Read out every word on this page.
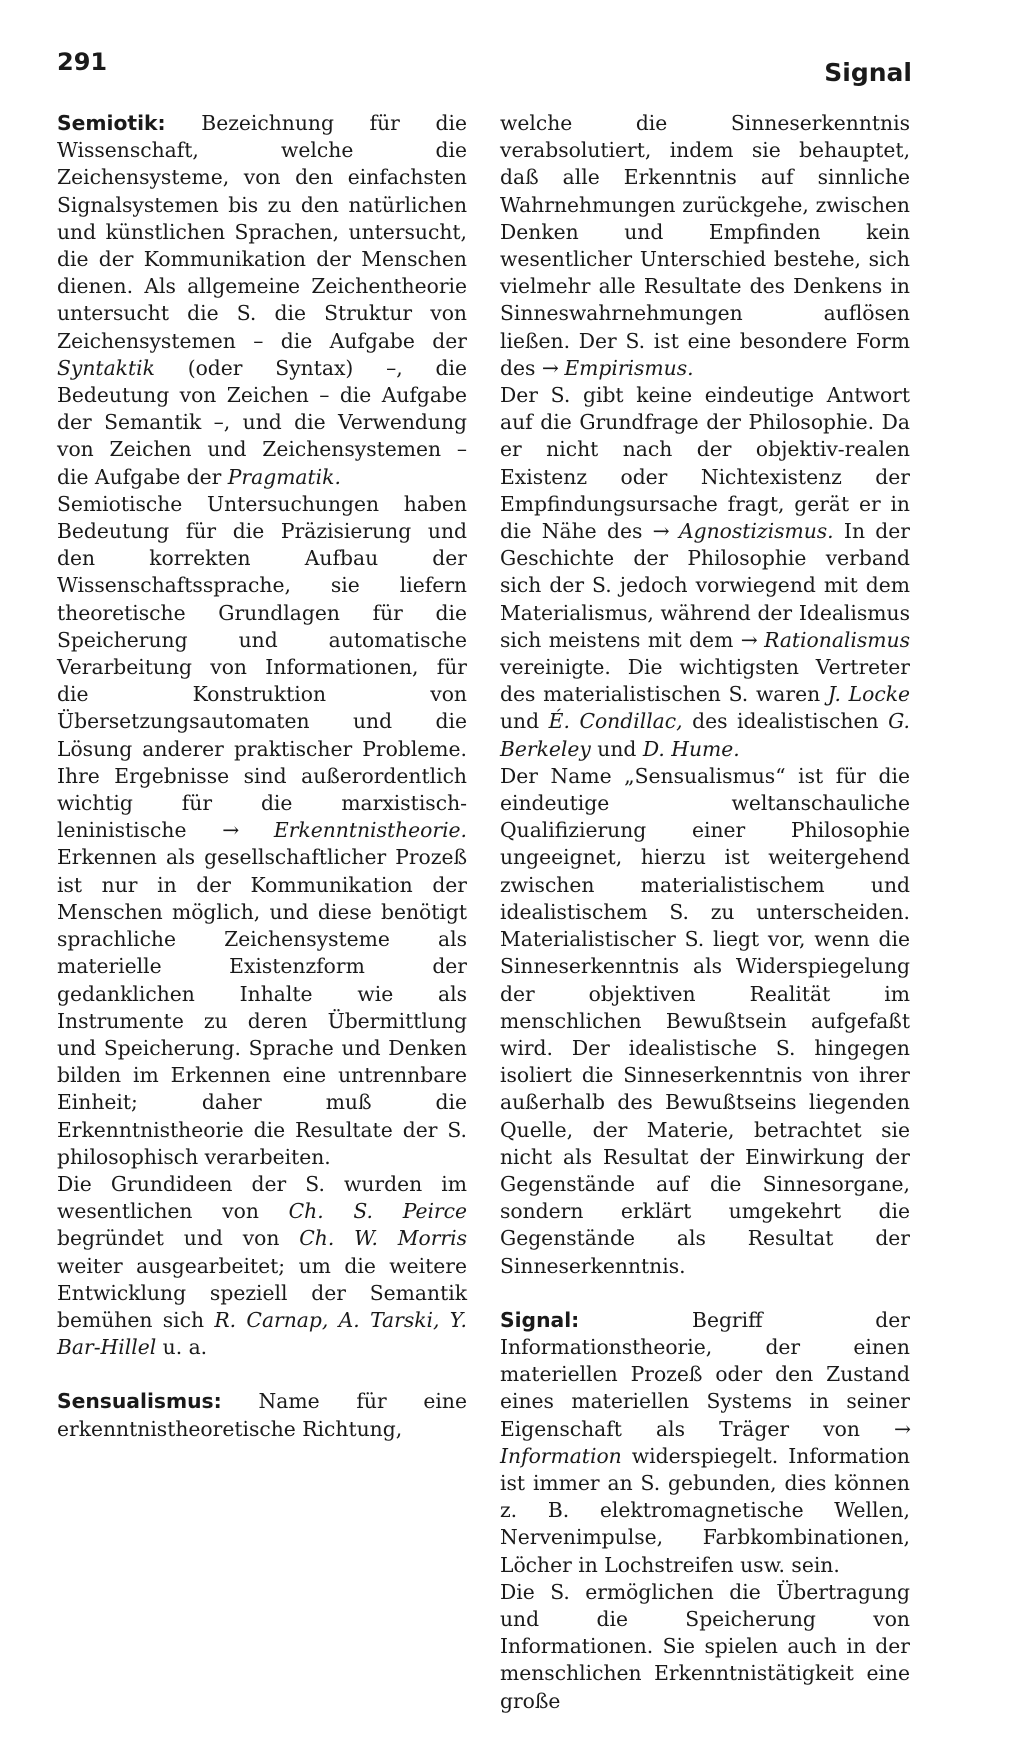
291	Signal

Semiotik: Bezeichnung für die Wissenschaft, welche die Zeichensysteme, von den einfachsten Signalsystemen bis zu den natürlichen und künstlichen Sprachen, untersucht, die der Kommunikation der Menschen dienen. Als allgemeine Zeichentheorie untersucht die S. die Struktur von Zeichensystemen – die Aufgabe der Syntaktik (oder Syntax) –, die Bedeutung von Zeichen – die Aufgabe der Semantik –, und die Verwendung von Zeichen und Zeichensystemen – die Aufgabe der Pragmatik.

Semiotische Untersuchungen haben Bedeutung für die Präzisierung und den korrekten Aufbau der Wissenschaftssprache, sie liefern theoretische Grundlagen für die Speicherung und automatische Verarbeitung von Informationen, für die Konstruktion von Übersetzungsautomaten und die Lösung anderer praktischer Probleme. Ihre Ergebnisse sind außerordentlich wichtig für die marxistisch-leninistische → Erkenntnistheorie. Erkennen als gesellschaftlicher Prozeß ist nur in der Kommunikation der Menschen möglich, und diese benötigt sprachliche Zeichensysteme als materielle Existenzform der gedanklichen Inhalte wie als Instrumente zu deren Übermittlung und Speicherung. Sprache und Denken bilden im Erkennen eine untrennbare Einheit; daher muß die Erkenntnistheorie die Resultate der S. philosophisch verarbeiten.

Die Grundideen der S. wurden im wesentlichen von Ch. S. Peirce begründet und von Ch. W. Morris weiter ausgearbeitet; um die weitere Entwicklung speziell der Semantik bemühen sich R. Carnap, A. Tarski, Y. Bar-Hillel u. a.

Sensualismus: Name für eine erkenntnistheoretische Richtung,

welche	die	Sinneserkenntnis verabsolutiert, indem sie behauptet, daß alle Erkenntnis auf sinnliche Wahrnehmungen zurückgehe, zwischen Denken und Empfinden kein wesentlicher Unterschied bestehe, sich vielmehr alle Resultate des Denkens in Sinneswahrnehmungen	auflösen ließen. Der S. ist eine besondere Form des → Empirismus.

Der S. gibt keine eindeutige Antwort auf die Grundfrage der Philosophie. Da er nicht nach der objektiv-realen Existenz oder Nichtexistenz der Empfindungsursache fragt, gerät er in die Nähe des → Agnostizismus. In der Geschichte der Philosophie verband sich der S. jedoch vorwiegend mit dem Materialismus, während der Idealismus sich meistens mit dem → Rationalismus vereinigte. Die wichtigsten Vertreter des materialistischen S. waren J. Locke und É. Condillac, des idealistischen G. Berkeley und D. Hume.

Der Name „Sensualismus“ ist für die eindeutige weltanschauliche Qualifizierung einer Philosophie ungeeignet, hierzu ist weitergehend zwischen materialistischem und idealistischem S. zu unterscheiden. Materialistischer S. liegt vor, wenn die Sinneserkenntnis als Widerspiegelung der objektiven Realität im menschlichen Bewußtsein aufgefaßt wird. Der idealistische S. hingegen isoliert die Sinneserkenntnis von ihrer außerhalb des Bewußtseins liegenden Quelle, der Materie, betrachtet sie nicht als Resultat der Einwirkung der Gegenstände auf die Sinnesorgane, sondern erklärt umgekehrt die Gegenstände als Resultat der Sinneserkenntnis.

Signal: Begriff der Informationstheorie, der einen materiellen Prozeß oder den Zustand eines materiellen Systems in seiner Eigenschaft als Träger von → Information widerspiegelt. Information ist immer an S. gebunden, dies können z. B. elektromagnetische Wellen, Nervenimpulse, Farbkombinationen, Löcher in Lochstreifen usw. sein.

Die S. ermöglichen die Übertragung und die Speicherung von Informationen. Sie spielen auch in der menschlichen Erkenntnistätigkeit eine große
